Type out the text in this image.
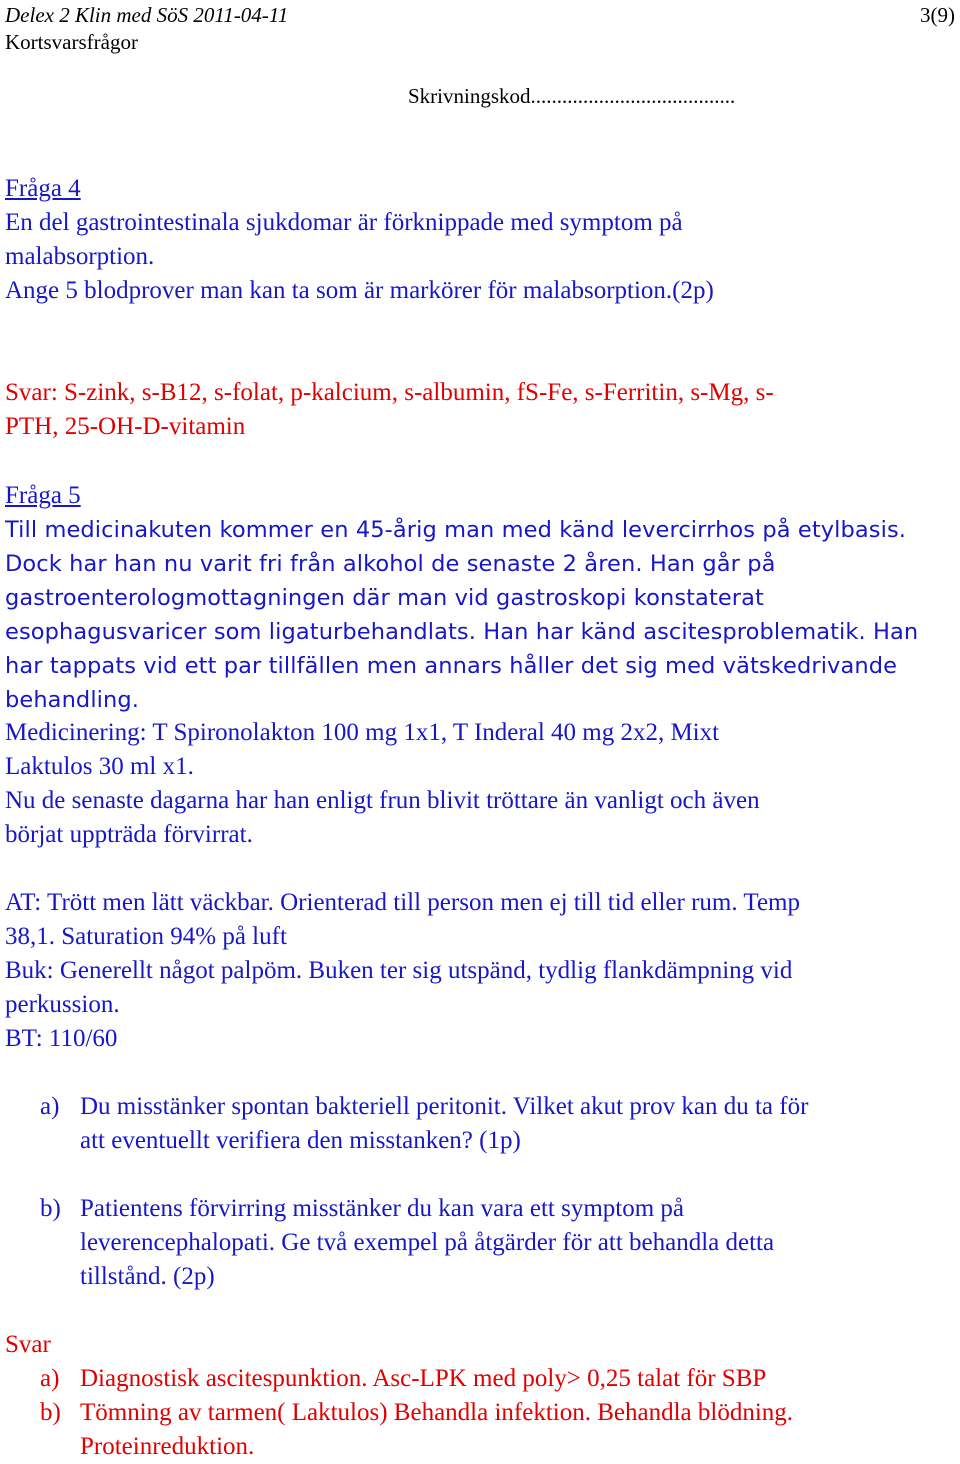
Delex 2 Klin med SöS 2011-04-11
Kortsvarsfrågor
3(9)
Skrivningskod.......................................
Fråga 4
En del gastrointestinala sjukdomar är förknippade med symptom på
malabsorption.
Ange 5 blodprover man kan ta som är markörer för malabsorption.(2p)
Svar: S-zink, s-B12, s-folat, p-kalcium, s-albumin, fS-Fe, s-Ferritin, s-Mg, s-
PTH, 25-OH-D-vitamin
Fråga 5
Till medicinakuten kommer en 45-årig man med känd levercirrhos på etylbasis.
Dock har han nu varit fri från alkohol de senaste 2 åren. Han går på
gastroenterologmottagningen där man vid gastroskopi konstaterat
esophagusvaricer som ligaturbehandlats. Han har känd ascitesproblematik. Han
har tappats vid ett par tillfällen men annars håller det sig med vätskedrivande
behandling.
Medicinering: T Spironolakton 100 mg 1x1, T Inderal 40 mg 2x2, Mixt
Laktulos 30 ml x1.
Nu de senaste dagarna har han enligt frun blivit tröttare än vanligt och även
börjat uppträda förvirrat.
AT: Trött men lätt väckbar. Orienterad till person men ej till tid eller rum. Temp
38,1. Saturation 94% på luft
Buk: Generellt något palpöm. Buken ter sig utspänd, tydlig flankdämpning vid
perkussion.
BT: 110/60
a) Du misstänker spontan bakteriell peritonit. Vilket akut prov kan du ta för
att eventuellt verifiera den misstanken? (1p)
b) Patientens förvirring misstänker du kan vara ett symptom på
leverencephalopati. Ge två exempel på åtgärder för att behandla detta
tillstånd. (2p)
Svar
a) Diagnostisk ascitespunktion. Asc-LPK med poly> 0,25 talat för SBP
b) Tömning av tarmen( Laktulos) Behandla infektion. Behandla blödning.
Proteinreduktion.
